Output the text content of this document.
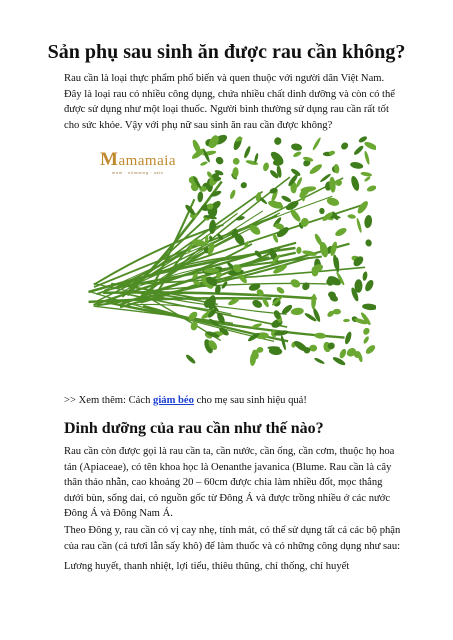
Sản phụ sau sinh ăn được rau cần không?

Rau cần là loại thực phẩm phổ biến và quen thuộc với người dân Việt Nam. Đây là loại rau có nhiều công dụng, chứa nhiều chất dinh dưỡng và còn có thể được sử dụng như một loại thuốc. Người bình thường sử dụng rau cần rất tốt cho sức khỏe. Vậy với phụ nữ sau sinh ăn rau cần được không?

Mamamaia
mom · slimming · skin

>> Xem thêm: Cách giảm béo cho mẹ sau sinh hiệu quả!

Dinh dưỡng của rau cần như thế nào?

Rau cần còn được gọi là rau cần ta, cần nước, cần ống, cần cơm, thuộc họ hoa tán (Apiaceae), có tên khoa học là Oenanthe javanica (Blume. Rau cần là cây thân thảo nhẵn, cao khoảng 20 – 60cm được chia làm nhiều đốt, mọc thẳng dưới bùn, sống dai, có nguồn gốc từ Đông Á và được trồng nhiều ở các nước Đông Á và Đông Nam Á.

Theo Đông y, rau cần có vị cay nhẹ, tính mát, có thể sử dụng tất cả các bộ phận của rau cần (cả tươi lẫn sấy khô) để làm thuốc và có những công dụng như sau:

Lương huyết, thanh nhiệt, lợi tiểu, thiêu thũng, chỉ thống, chỉ huyết
